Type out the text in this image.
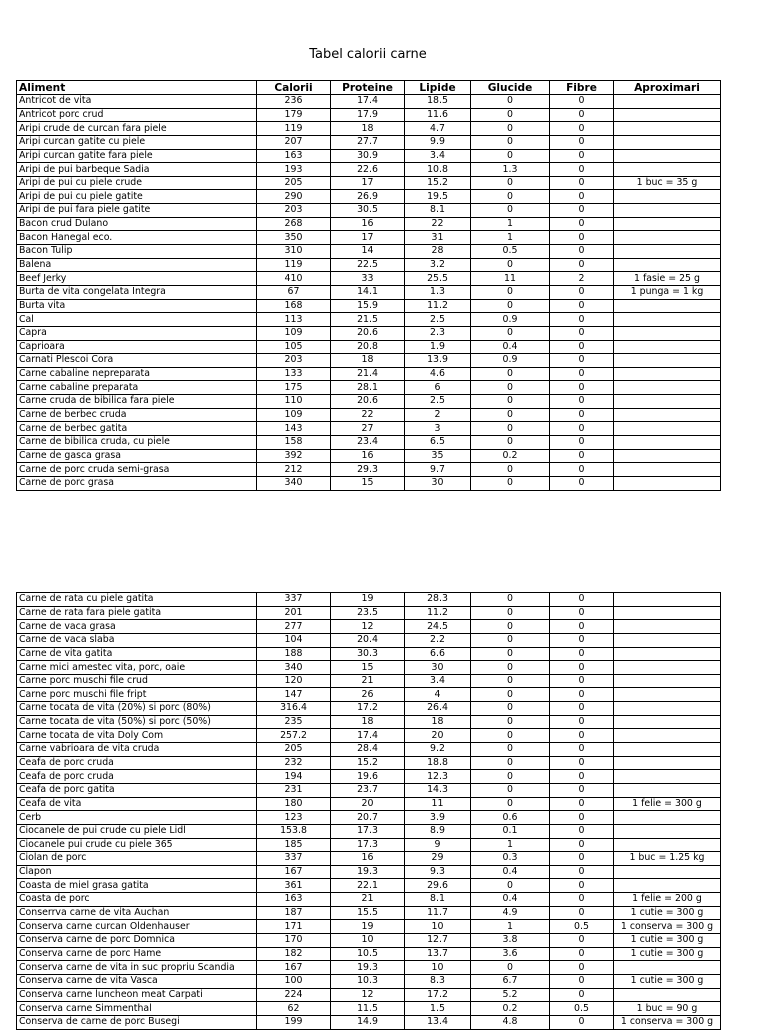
Tabel calorii carne
Aliment	Calorii	Proteine	Lipide	Glucide	Fibre	Aproximari
Antricot de vita	236	17.4	18.5	0	0	
Antricot porc crud	179	17.9	11.6	0	0	
Aripi crude de curcan fara piele	119	18	4.7	0	0	
Aripi curcan gatite cu piele	207	27.7	9.9	0	0	
Aripi curcan gatite fara piele	163	30.9	3.4	0	0	
Aripi de pui barbeque Sadia	193	22.6	10.8	1.3	0	
Aripi de pui cu piele crude	205	17	15.2	0	0	1 buc = 35 g
Aripi de pui cu piele gatite	290	26.9	19.5	0	0	
Aripi de pui fara piele gatite	203	30.5	8.1	0	0	
Bacon crud Dulano	268	16	22	1	0	
Bacon Hanegal eco.	350	17	31	1	0	
Bacon Tulip	310	14	28	0.5	0	
Balena	119	22.5	3.2	0	0	
Beef Jerky	410	33	25.5	11	2	1 fasie = 25 g
Burta de vita congelata Integra	67	14.1	1.3	0	0	1 punga = 1 kg
Burta vita	168	15.9	11.2	0	0	
Cal	113	21.5	2.5	0.9	0	
Capra	109	20.6	2.3	0	0	
Caprioara	105	20.8	1.9	0.4	0	
Carnati Plescoi Cora	203	18	13.9	0.9	0	
Carne cabaline nepreparata	133	21.4	4.6	0	0	
Carne cabaline preparata	175	28.1	6	0	0	
Carne cruda de bibilica fara piele	110	20.6	2.5	0	0	
Carne de berbec cruda	109	22	2	0	0	
Carne de berbec gatita	143	27	3	0	0	
Carne de bibilica cruda, cu piele	158	23.4	6.5	0	0	
Carne de gasca grasa	392	16	35	0.2	0	
Carne de porc cruda semi-grasa	212	29.3	9.7	0	0	
Carne de porc grasa	340	15	30	0	0	
Carne de rata cu piele gatita	337	19	28.3	0	0	
Carne de rata fara piele gatita	201	23.5	11.2	0	0	
Carne de vaca grasa	277	12	24.5	0	0	
Carne de vaca slaba	104	20.4	2.2	0	0	
Carne de vita gatita	188	30.3	6.6	0	0	
Carne mici amestec vita, porc, oaie	340	15	30	0	0	
Carne porc muschi file crud	120	21	3.4	0	0	
Carne porc muschi file fript	147	26	4	0	0	
Carne tocata de vita (20%) si porc (80%)	316.4	17.2	26.4	0	0	
Carne tocata de vita (50%) si porc (50%)	235	18	18	0	0	
Carne tocata de vita Doly Com	257.2	17.4	20	0	0	
Carne vabrioara de vita cruda	205	28.4	9.2	0	0	
Ceafa de porc cruda	232	15.2	18.8	0	0	
Ceafa de porc cruda	194	19.6	12.3	0	0	
Ceafa de porc gatita	231	23.7	14.3	0	0	
Ceafa de vita	180	20	11	0	0	1 felie = 300 g
Cerb	123	20.7	3.9	0.6	0	
Ciocanele de pui crude cu piele Lidl	153.8	17.3	8.9	0.1	0	
Ciocanele pui crude cu piele 365	185	17.3	9	1	0	
Ciolan de porc	337	16	29	0.3	0	1 buc = 1.25 kg
Clapon	167	19.3	9.3	0.4	0	
Coasta de miel grasa gatita	361	22.1	29.6	0	0	
Coasta de porc	163	21	8.1	0.4	0	1 felie = 200 g
Conserrva carne de vita Auchan	187	15.5	11.7	4.9	0	1 cutie = 300 g
Conserva carne curcan Oldenhauser	171	19	10	1	0.5	1 conserva = 300 g
Conserva carne de porc Domnica	170	10	12.7	3.8	0	1 cutie = 300 g
Conserva carne de porc Hame	182	10.5	13.7	3.6	0	1 cutie = 300 g
Conserva carne de vita in suc propriu Scandia	167	19.3	10	0	0	
Conserva carne de vita Vasca	100	10.3	8.3	6.7	0	1 cutie = 300 g
Conserva carne luncheon meat Carpati	224	12	17.2	5.2	0	
Conserva carne Simmenthal	62	11.5	1.5	0.2	0.5	1 buc = 90 g
Conserva de carne de porc Busegi	199	14.9	13.4	4.8	0	1 conserva = 300 g
